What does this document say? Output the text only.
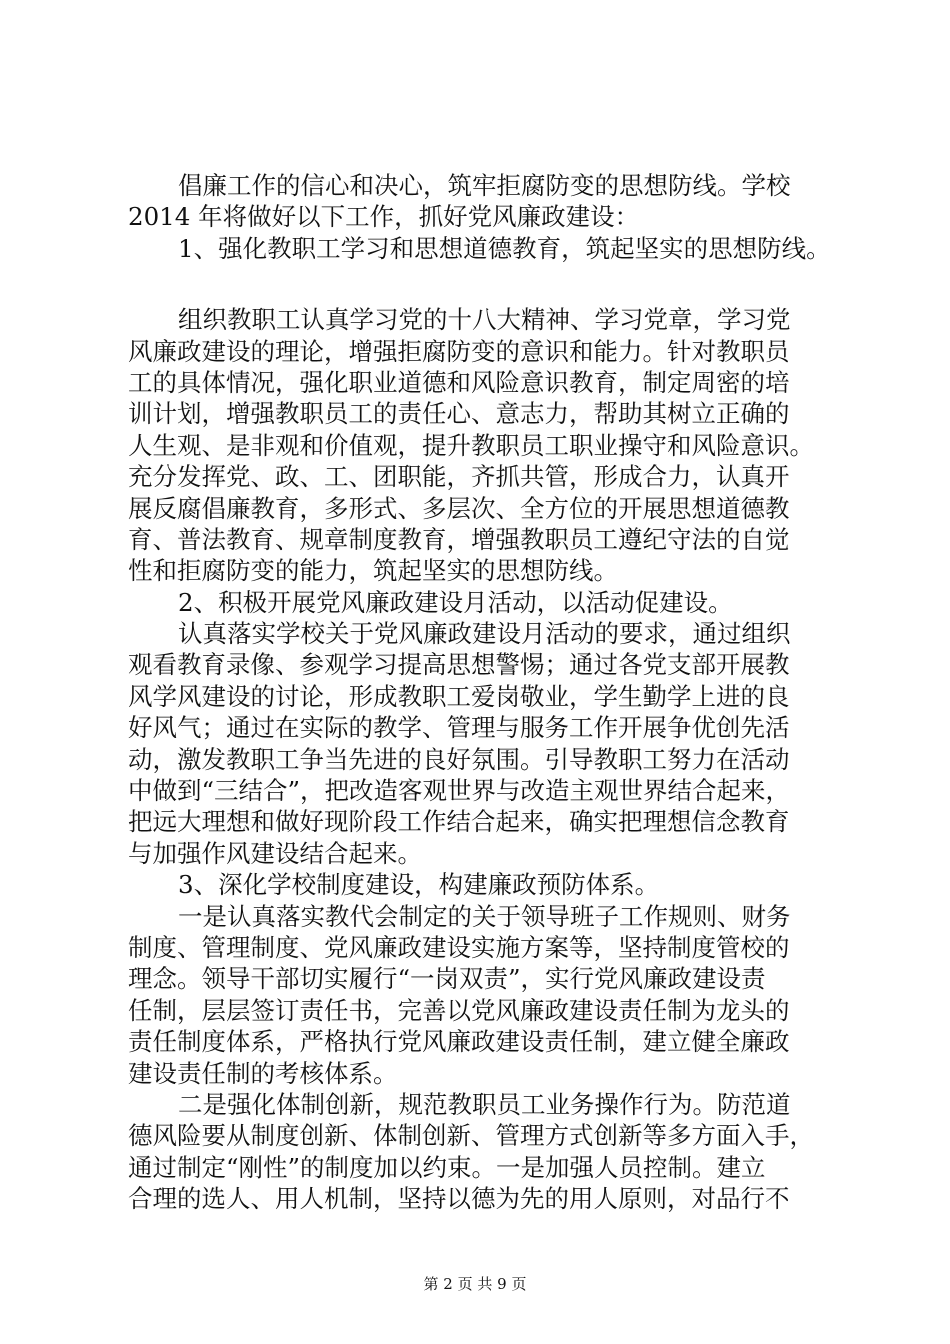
倡廉工作的信心和决心，筑牢拒腐防变的思想防线。学校
2014 年将做好以下工作，抓好党风廉政建设：
1、强化教职工学习和思想道德教育，筑起坚实的思想防线。
组织教职工认真学习党的十八大精神、学习党章，学习党
风廉政建设的理论，增强拒腐防变的意识和能力。针对教职员
工的具体情况，强化职业道德和风险意识教育，制定周密的培
训计划，增强教职员工的责任心、意志力，帮助其树立正确的
人生观、是非观和价值观，提升教职员工职业操守和风险意识。
充分发挥党、政、工、团职能，齐抓共管，形成合力，认真开
展反腐倡廉教育，多形式、多层次、全方位的开展思想道德教
育、普法教育、规章制度教育，增强教职员工遵纪守法的自觉
性和拒腐防变的能力，筑起坚实的思想防线。
2、积极开展党风廉政建设月活动，以活动促建设。
认真落实学校关于党风廉政建设月活动的要求，通过组织
观看教育录像、参观学习提高思想警惕；通过各党支部开展教
风学风建设的讨论，形成教职工爱岗敬业，学生勤学上进的良
好风气；通过在实际的教学、管理与服务工作开展争优创先活
动，激发教职工争当先进的良好氛围。引导教职工努力在活动
中做到“三结合”，把改造客观世界与改造主观世界结合起来，
把远大理想和做好现阶段工作结合起来，确实把理想信念教育
与加强作风建设结合起来。
3、深化学校制度建设，构建廉政预防体系。
一是认真落实教代会制定的关于领导班子工作规则、财务
制度、管理制度、党风廉政建设实施方案等，坚持制度管校的
理念。领导干部切实履行“一岗双责”，实行党风廉政建设责
任制，层层签订责任书，完善以党风廉政建设责任制为龙头的
责任制度体系，严格执行党风廉政建设责任制，建立健全廉政
建设责任制的考核体系。
二是强化体制创新，规范教职员工业务操作行为。防范道
德风险要从制度创新、体制创新、管理方式创新等多方面入手，
通过制定“刚性”的制度加以约束。一是加强人员控制。建立
合理的选人、用人机制，坚持以德为先的用人原则，对品行不
第 2 页 共 9 页
